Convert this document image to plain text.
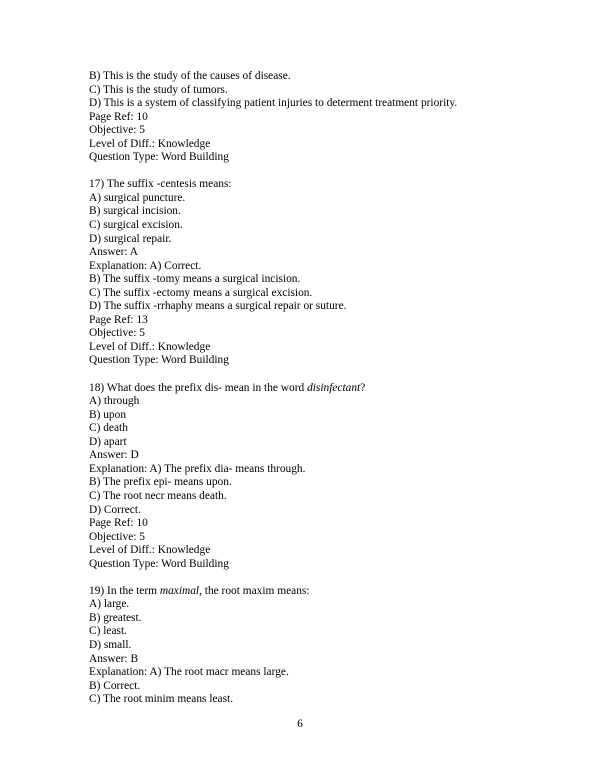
B) This is the study of the causes of disease.
C) This is the study of tumors.
D) This is a system of classifying patient injuries to determent treatment priority.
Page Ref: 10
Objective: 5
Level of Diff.: Knowledge
Question Type: Word Building
17) The suffix -centesis means:
A) surgical puncture.
B) surgical incision.
C) surgical excision.
D) surgical repair.
Answer: A
Explanation: A) Correct.
B) The suffix -tomy means a surgical incision.
C) The suffix -ectomy means a surgical excision.
D) The suffix -rrhaphy means a surgical repair or suture.
Page Ref: 13
Objective: 5
Level of Diff.: Knowledge
Question Type: Word Building
18) What does the prefix dis- mean in the word disinfectant?
A) through
B) upon
C) death
D) apart
Answer: D
Explanation: A) The prefix dia- means through.
B) The prefix epi- means upon.
C) The root necr means death.
D) Correct.
Page Ref: 10
Objective: 5
Level of Diff.: Knowledge
Question Type: Word Building
19) In the term maximal, the root maxim means:
A) large.
B) greatest.
C) least.
D) small.
Answer: B
Explanation: A) The root macr means large.
B) Correct.
C) The root minim means least.
6
